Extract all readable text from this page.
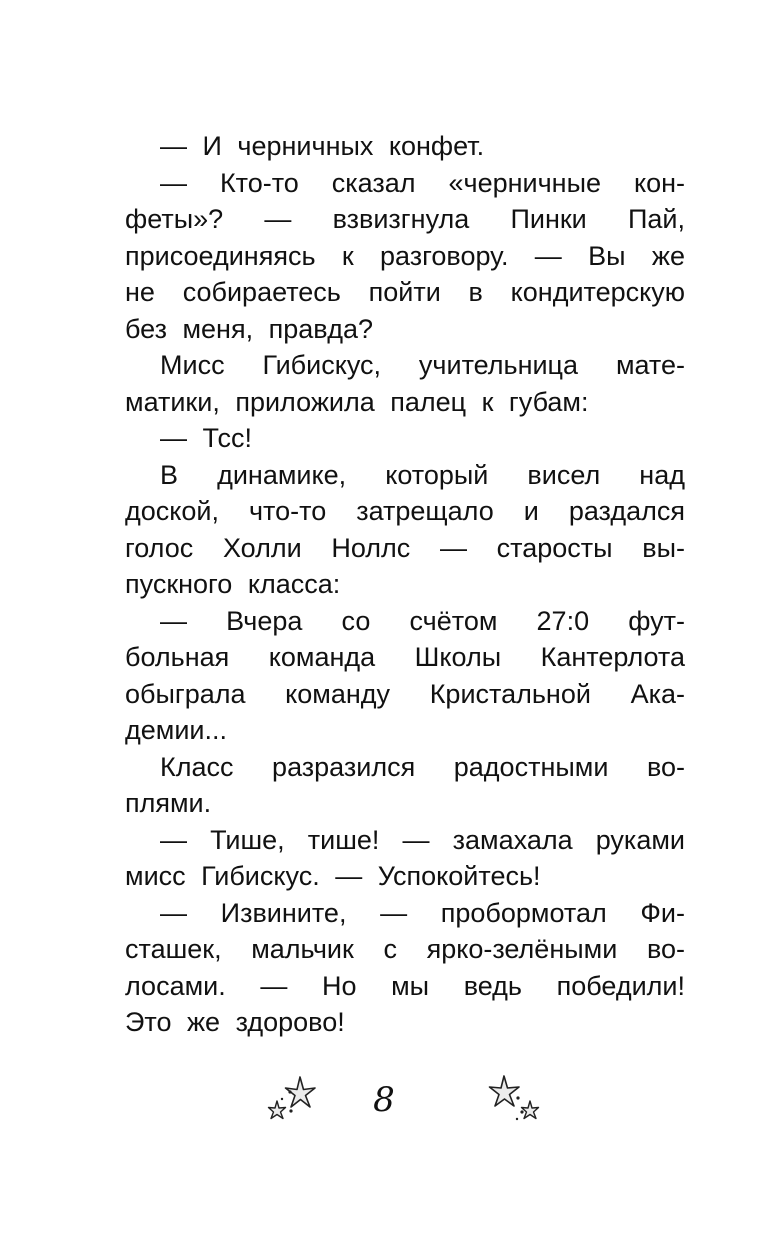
— И черничных конфет.
— Кто-то сказал «черничные кон-
феты»? — взвизгнула Пинки Пай,
присоединяясь к разговору. — Вы же
не собираетесь пойти в кондитерскую
без меня, правда?
Мисс Гибискус, учительница мате-
матики, приложила палец к губам:
— Тсс!
В динамике, который висел над
доской, что-то затрещало и раздался
голос Холли Ноллс — старосты вы-
пускного класса:
— Вчера со счётом 27:0 фут-
больная команда Школы Кантерлота
обыграла команду Кристальной Ака-
демии...
Класс разразился радостными во-
плями.
— Тише, тише! — замахала руками
мисс Гибискус. — Успокойтесь!
— Извините, — пробормотал Фи-
сташек, мальчик с ярко-зелёными во-
лосами. — Но мы ведь победили!
Это же здорово!
8
